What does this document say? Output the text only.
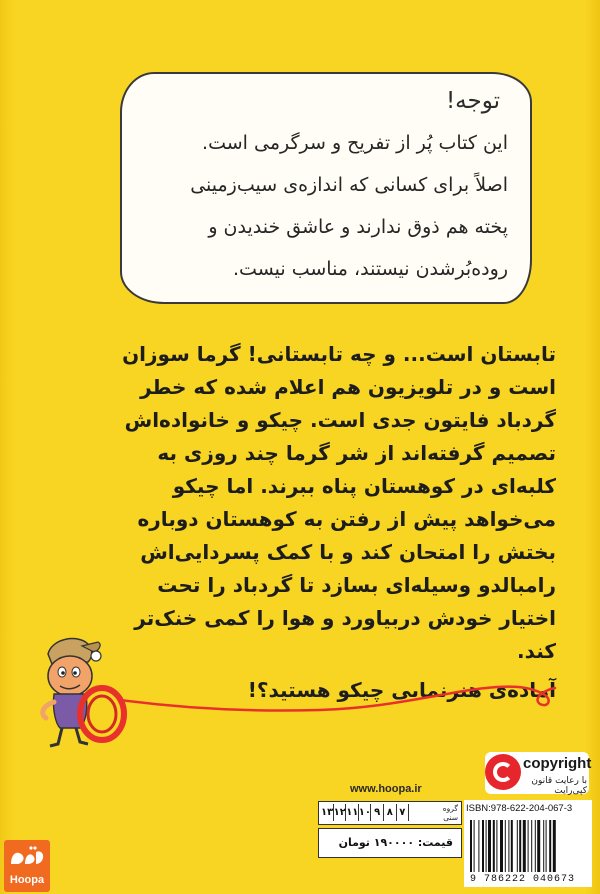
توجه!
این کتاب پُر از تفریح و سرگرمی است.
اصلاً برای کسانی که اندازه‌ی سیب‌زمینی
پخته هم ذوق ندارند و عاشق خندیدن و
روده‌بُرشدن نیستند، مناسب نیست.
تابستان است... و چه تابستانی! گرما سوزان
است و در تلویزیون هم اعلام شده که خطر
گردباد فایتون جدی است. چیکو و خانواده‌اش
تصمیم گرفته‌اند از شر گرما چند روزی به
کلبه‌ای در کوهستان پناه ببرند. اما چیکو
می‌خواهد پیش از رفتن به کوهستان دوباره
بختش را امتحان کند و با کمک پسردایی‌اش
رامبالدو وسیله‌ای بسازد تا گردباد را تحت
اختیار خودش دربیاورد و هوا را کمی خنک‌تر
کند.
آماده‌ی هنرنمایی چیکو هستید؟!
copyright
با رعایت قانون کپی‌رایت
www.hoopa.ir
۱۳ ۱۲ ۱۱ ۱۰ ۹ ۸ ۷	گروه سنی
قیمت: ۱۹۰۰۰۰ تومان
ISBN:978-622-204-067-3
9 786222 040673
Hoopa
